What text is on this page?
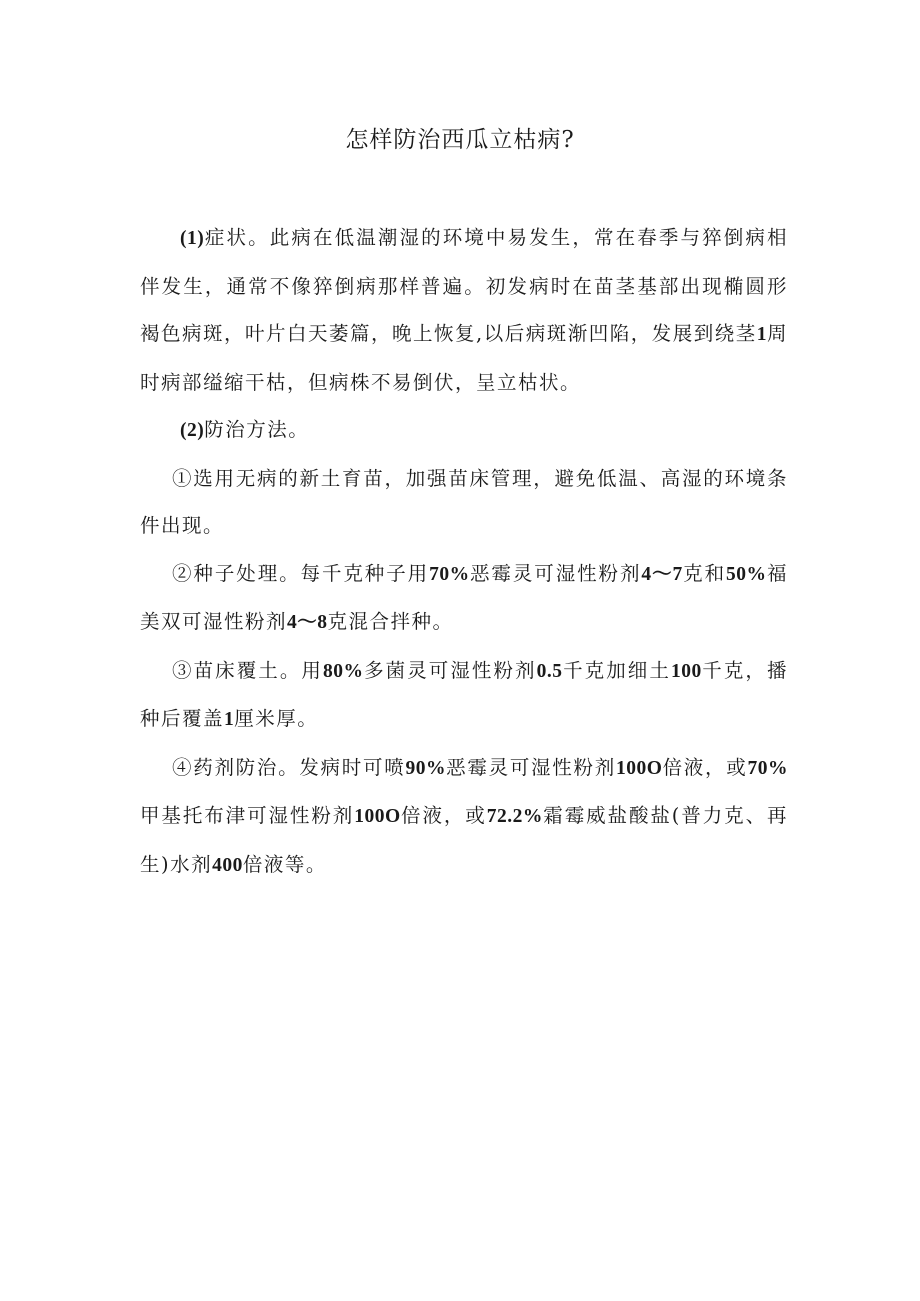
怎样防治西瓜立枯病?

(1)症状。此病在低温潮湿的环境中易发生，常在春季与猝倒病相伴发生，通常不像猝倒病那样普遍。初发病时在苗茎基部出现椭圆形褐色病斑，叶片白天萎篇，晚上恢复,以后病斑渐凹陷，发展到绕茎1周时病部缢缩干枯，但病株不易倒伏，呈立枯状。

(2)防治方法。

①选用无病的新土育苗，加强苗床管理，避免低温、高湿的环境条件出现。

②种子处理。每千克种子用70%恶霉灵可湿性粉剂4～7克和50%福美双可湿性粉剂4～8克混合拌种。

③苗床覆土。用80%多菌灵可湿性粉剂0.5千克加细土100千克，播种后覆盖1厘米厚。

④药剂防治。发病时可喷90%恶霉灵可湿性粉剂100O倍液，或70%甲基托布津可湿性粉剂100O倍液，或72.2%霜霉威盐酸盐(普力克、再生)水剂400倍液等。
